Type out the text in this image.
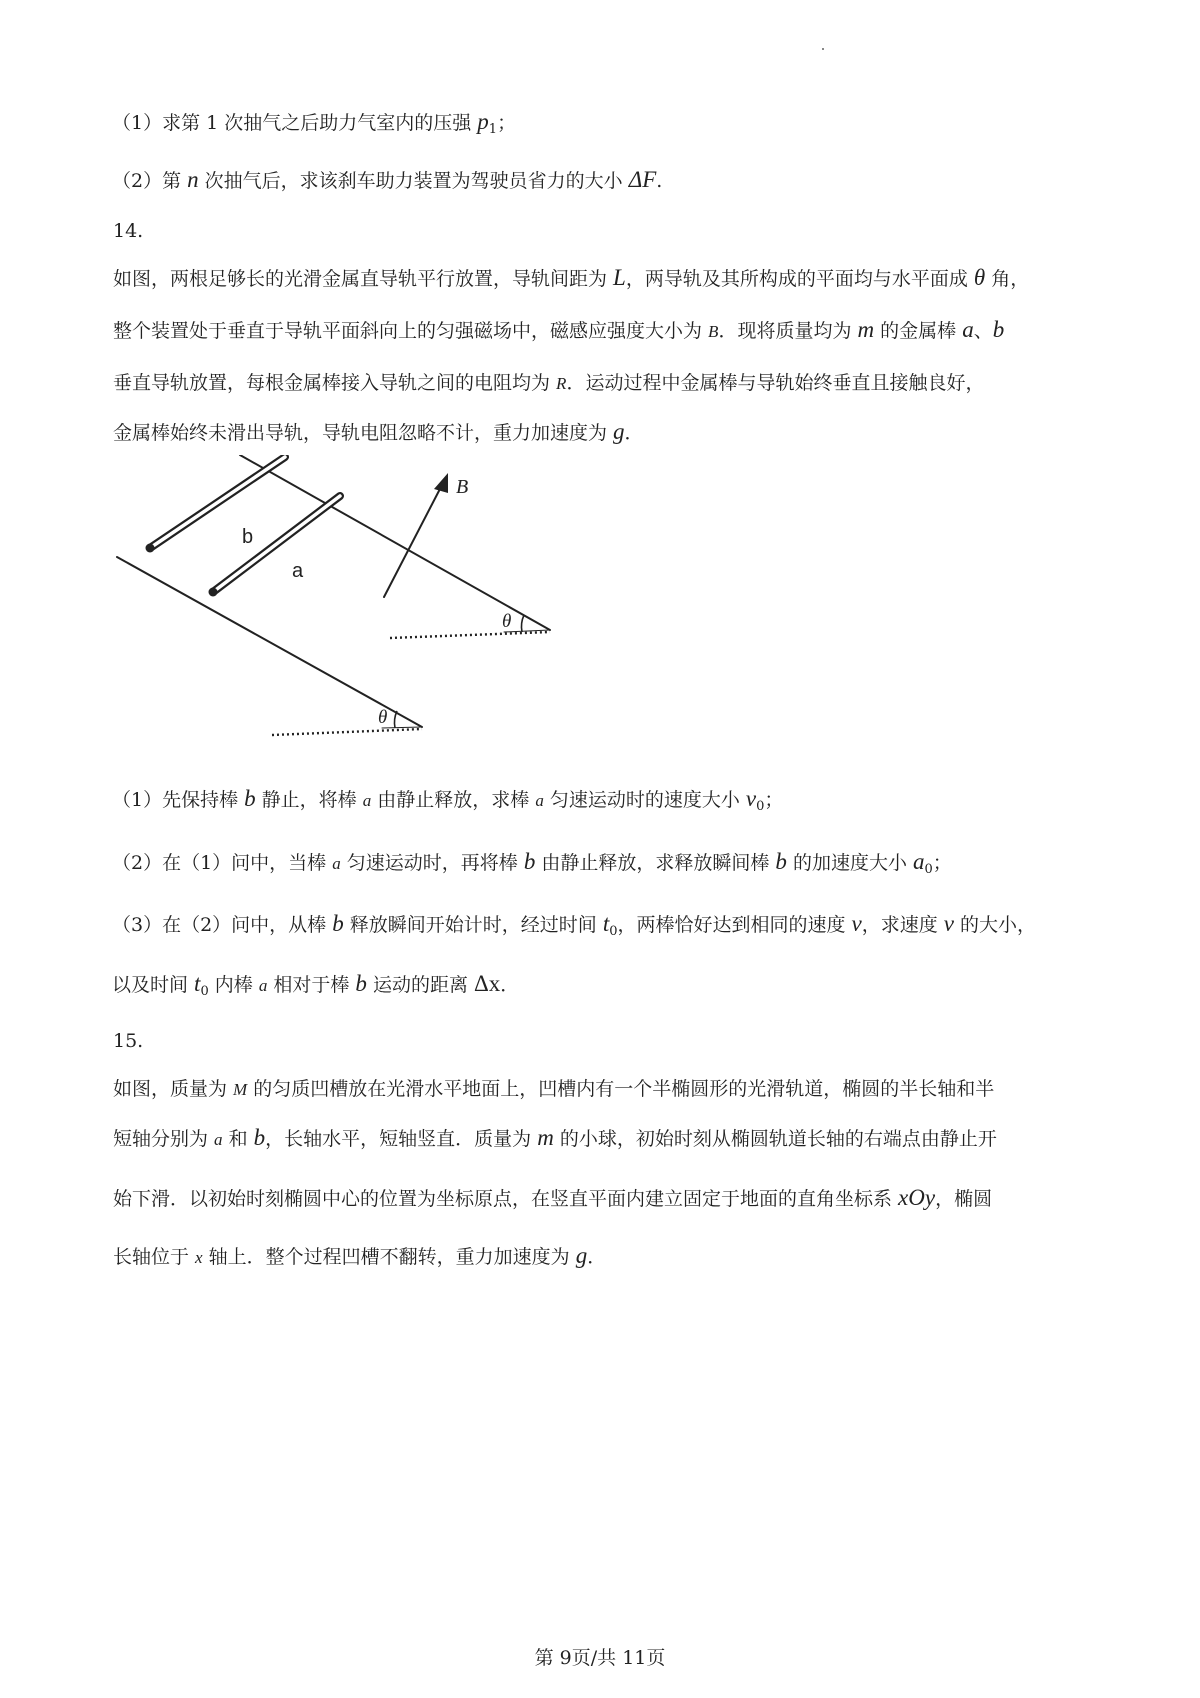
（1）求第 1 次抽气之后助力气室内的压强 $p_1$；
（2）第 n 次抽气后，求该刹车助力装置为驾驶员省力的大小 ΔF.
14.
如图，两根足够长的光滑金属直导轨平行放置，导轨间距为 L，两导轨及其所构成的平面均与水平面成 θ 角，
整个装置处于垂直于导轨平面斜向上的匀强磁场中，磁感应强度大小为 B．现将质量均为 m 的金属棒 a、b
垂直导轨放置，每根金属棒接入导轨之间的电阻均为 R．运动过程中金属棒与导轨始终垂直且接触良好，
金属棒始终未滑出导轨，导轨电阻忽略不计，重力加速度为 g．
b
a
B
θ
θ
（1）先保持棒 b 静止，将棒 a 由静止释放，求棒 a 匀速运动时的速度大小 $v_0$；
（2）在（1）问中，当棒 a 匀速运动时，再将棒 b 由静止释放，求释放瞬间棒 b 的加速度大小 $a_0$；
（3）在（2）问中，从棒 b 释放瞬间开始计时，经过时间 $t_0$，两棒恰好达到相同的速度 v，求速度 v 的大小，
以及时间 $t_0$ 内棒 a 相对于棒 b 运动的距离 Δx．
15.
如图，质量为 M 的匀质凹槽放在光滑水平地面上，凹槽内有一个半椭圆形的光滑轨道，椭圆的半长轴和半
短轴分别为 a 和 b，长轴水平，短轴竖直．质量为 m 的小球，初始时刻从椭圆轨道长轴的右端点由静止开
始下滑．以初始时刻椭圆中心的位置为坐标原点，在竖直平面内建立固定于地面的直角坐标系 xOy，椭圆
长轴位于 x 轴上．整个过程凹槽不翻转，重力加速度为 g．
第 9页/共 11页
